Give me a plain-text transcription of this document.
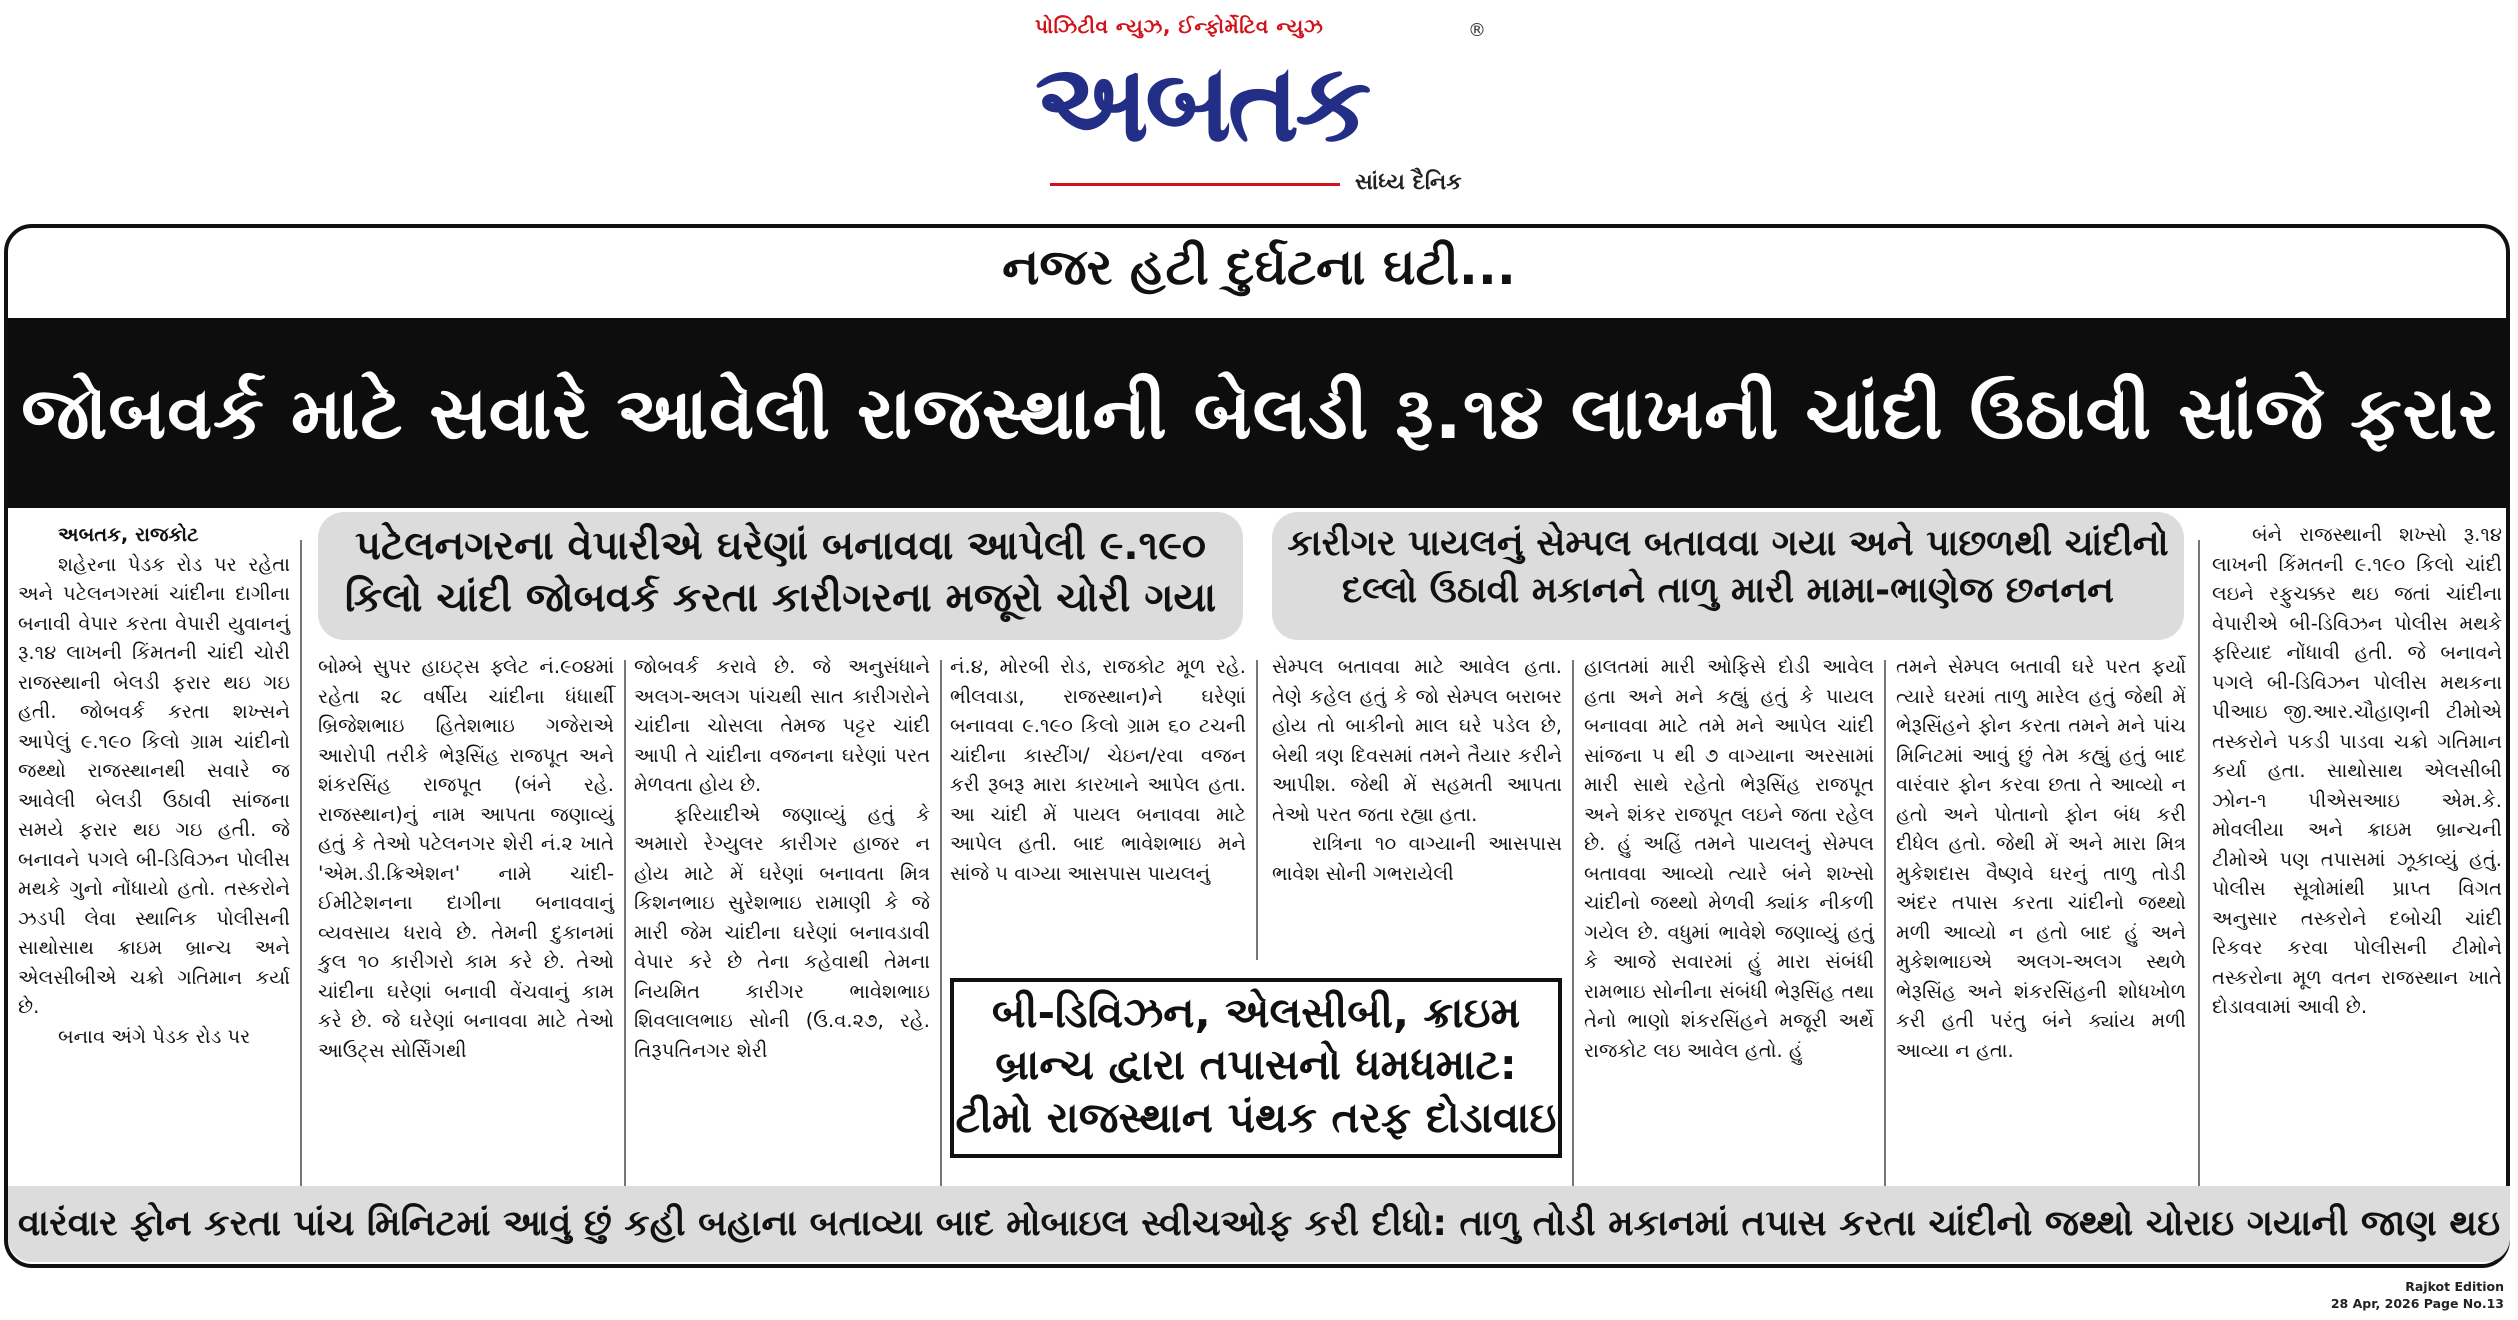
પોઝિટીવ ન્યુઝ, ઈન્ફોર્મેટિવ ન્યુઝ	®
અબતક
સાંધ્ય દૈનિક
નજર હટી દુર્ઘટના ઘટી...
જોબવર્ક માટે સવારે આવેલી રાજસ્થાની બેલડી રૂ.૧૪ લાખની ચાંદી ઉઠાવી સાંજે ફરાર

અબતક, રાજકોટ

શહેરના પેડક રોડ પર રહેતા અને પટેલનગરમાં ચાંદીના દાગીના બનાવી વેપાર કરતા વેપારી યુવાનનું રૂ.૧૪ લાખની કિંમતની ચાંદી ચોરી રાજસ્થાની બેલડી ફરાર થઇ ગઇ હતી. જોબવર્ક કરતા શખ્સને આપેલું ૯.૧૯૦ કિલો ગ્રામ ચાંદીનો જથ્થો રાજસ્થાનથી સવારે જ આવેલી બેલડી ઉઠાવી સાંજના સમયે ફરાર થઇ ગઇ હતી. જે બનાવને પગલે બી-ડિવિઝન પોલીસ મથકે ગુનો નોંધાયો હતો. તસ્કરોને ઝડપી લેવા સ્થાનિક પોલીસની સાથોસાથ ક્રાઇમ બ્રાન્ચ અને એલસીબીએ ચક્રો ગતિમાન કર્યા છે.

બનાવ અંગે પેડક રોડ પર

પટેલનગરના વેપારીએ ઘરેણાં બનાવવા આપેલી ૯.૧૯૦ કિલો ચાંદી જોબવર્ક કરતા કારીગરના મજૂરો ચોરી ગયા
કારીગર પાયલનું સેમ્પલ બતાવવા ગયા અને પાછળથી ચાંદીનો દલ્લો ઉઠાવી મકાનને તાળુ મારી મામા-ભાણેજ છનનન

બોમ્બે સુપર હાઇટ્સ ફ્લેટ નં.૯૦૪માં રહેતા ૨૮ વર્ષીય ચાંદીના ધંધાર્થી બ્રિજેશભાઇ હિતેશભાઇ ગજેરાએ આરોપી તરીકે ભેરૂસિંહ રાજપૂત અને શંકરસિંહ રાજપૂત (બંને રહે. રાજસ્થાન)નું નામ આપતા જણાવ્યું હતું કે તેઓ પટેલનગર શેરી નં.૨ ખાતે 'એમ.ડી.ક્રિએશન' નામે ચાંદી-ઈમીટેશનના દાગીના બનાવવાનું વ્યવસાય ધરાવે છે. તેમની દુકાનમાં કુલ ૧૦ કારીગરો કામ કરે છે. તેઓ ચાંદીના ઘરેણાં બનાવી વેંચવાનું કામ કરે છે. જે ઘરેણાં બનાવવા માટે તેઓ આઉટ્સ સોર્સિંગથી

જોબવર્ક કરાવે છે. જે અનુસંધાને અલગ-અલગ પાંચથી સાત કારીગરોને ચાંદીના ચોસલા તેમજ પટ્ટર ચાંદી આપી તે ચાંદીના વજનના ઘરેણાં પરત મેળવતા હોય છે.

ફરિયાદીએ જણાવ્યું હતું કે અમારો રેગ્યુલર કારીગર હાજર ન હોય માટે મેં ઘરેણાં બનાવતા મિત્ર કિશનભાઇ સુરેશભાઇ રામાણી કે જે મારી જેમ ચાંદીના ઘરેણાં બનાવડાવી વેપાર કરે છે તેના કહેવાથી તેમના નિયમિત કારીગર ભાવેશભાઇ શિવલાલભાઇ સોની (ઉ.વ.૨૭, રહે. તિરૂપતિનગર શેરી

નં.૪, મોરબી રોડ, રાજકોટ મૂળ રહે. ભીલવાડા, રાજસ્થાન)ને ઘરેણાં બનાવવા ૯.૧૯૦ કિલો ગ્રામ ૬૦ ટચની ચાંદીના કાસ્ટીંગ/ ચેઇન/રવા વજન કરી રૂબરૂ મારા કારખાને આપેલ હતા. આ ચાંદી મેં પાયલ બનાવવા માટે આપેલ હતી. બાદ ભાવેશભાઇ મને સાંજે ૫ વાગ્યા આસપાસ પાયલનું

સેમ્પલ બતાવવા માટે આવેલ હતા. તેણે કહેલ હતું કે જો સેમ્પલ બરાબર હોય તો બાકીનો માલ ઘરે પડેલ છે, બેથી ત્રણ દિવસમાં તમને તૈયાર કરીને આપીશ. જેથી મેં સહમતી આપતા તેઓ પરત જતા રહ્યા હતા.

રાત્રિના ૧૦ વાગ્યાની આસપાસ ભાવેશ સોની ગભરાયેલી

બી-ડિવિઝન, એલસીબી, ક્રાઇમ બ્રાન્ચ દ્વારા તપાસનો ધમધમાટ: ટીમો રાજસ્થાન પંથક તરફ દોડાવાઇ

હાલતમાં મારી ઓફિસે દોડી આવેલ હતા અને મને કહ્યું હતું કે પાયલ બનાવવા માટે તમે મને આપેલ ચાંદી સાંજના ૫ થી ૭ વાગ્યાના અરસામાં મારી સાથે રહેતો ભેરૂસિંહ રાજપૂત અને શંકર રાજપૂત લઇને જતા રહેલ છે. હું અહિં તમને પાયલનું સેમ્પલ બતાવવા આવ્યો ત્યારે બંને શખ્સો ચાંદીનો જથ્થો મેળવી ક્યાંક નીકળી ગયેલ છે. વધુમાં ભાવેશે જણાવ્યું હતું કે આજે સવારમાં હું મારા સંબંધી રામભાઇ સોનીના સંબંધી ભેરૂસિંહ તથા તેનો ભાણો શંકરસિંહને મજૂરી અર્થે રાજકોટ લઇ આવેલ હતો. હું

તમને સેમ્પલ બતાવી ઘરે પરત ફર્યો ત્યારે ઘરમાં તાળુ મારેલ હતું જેથી મેં ભેરૂસિંહને ફોન કરતા તમને મને પાંચ મિનિટમાં આવું છું તેમ કહ્યું હતું બાદ વારંવાર ફોન કરવા છતા તે આવ્યો ન હતો અને પોતાનો ફોન બંધ કરી દીધેલ હતો. જેથી મેં અને મારા મિત્ર મુકેશદાસ વૈષ્ણવે ઘરનું તાળુ તોડી અંદર તપાસ કરતા ચાંદીનો જથ્થો મળી આવ્યો ન હતો બાદ હું અને મુકેશભાઇએ અલગ-અલગ સ્થળે ભેરૂસિંહ અને શંકરસિંહની શોધખોળ કરી હતી પરંતુ બંને ક્યાંય મળી આવ્યા ન હતા.

બંને રાજસ્થાની શખ્સો રૂ.૧૪ લાખની કિંમતની ૯.૧૯૦ કિલો ચાંદી લઇને રફુચક્કર થઇ જતાં ચાંદીના વેપારીએ બી-ડિવિઝન પોલીસ મથકે ફરિયાદ નોંધાવી હતી. જે બનાવને પગલે બી-ડિવિઝન પોલીસ મથકના પીઆઇ જી.આર.ચૌહાણની ટીમોએ તસ્કરોને પકડી પાડવા ચક્રો ગતિમાન કર્યા હતા. સાથોસાથ એલસીબી ઝોન-૧ પીએસઆઇ એમ.કે. મોવલીયા અને ક્રાઇમ બ્રાન્ચની ટીમોએ પણ તપાસમાં ઝૂકાવ્યું હતું. પોલીસ સૂત્રોમાંથી પ્રાપ્ત વિગત અનુસાર તસ્કરોને દબોચી ચાંદી રિકવર કરવા પોલીસની ટીમોને તસ્કરોના મૂળ વતન રાજસ્થાન ખાતે દોડાવવામાં આવી છે.

વારંવાર ફોન કરતા પાંચ મિનિટમાં આવું છું કહી બહાના બતાવ્યા બાદ મોબાઇલ સ્વીચઓફ કરી દીધો: તાળુ તોડી મકાનમાં તપાસ કરતા ચાંદીનો જથ્થો ચોરાઇ ગયાની જાણ થઇ
Rajkot Edition
28 Apr, 2026 Page No.13
